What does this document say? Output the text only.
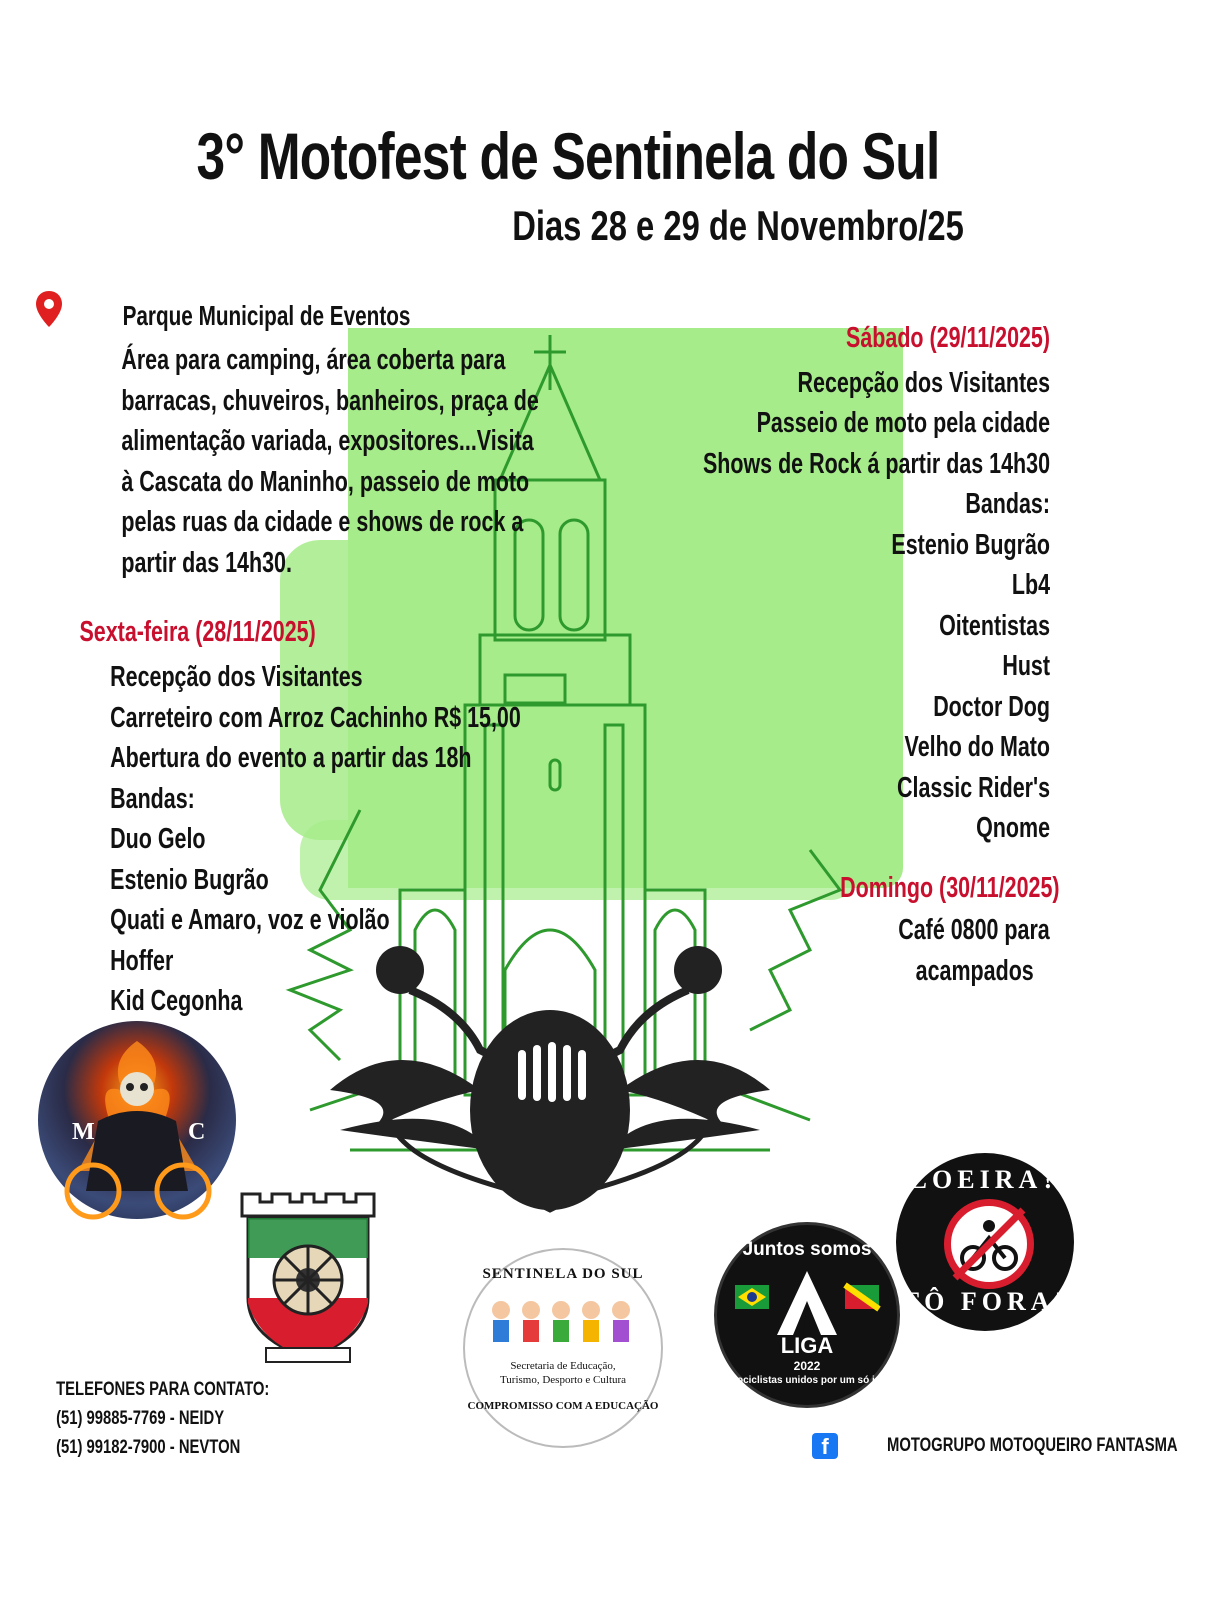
3° Motofest de Sentinela do Sul
Dias 28 e 29 de Novembro/25
Parque Municipal de Eventos
Área para camping, área coberta para
barracas, chuveiros, banheiros, praça de
alimentação variada, expositores...Visita
à Cascata do Maninho, passeio de moto
pelas ruas da cidade e shows de rock a
partir das 14h30.
Sexta-feira (28/11/2025)
Recepção dos Visitantes
Carreteiro com Arroz Cachinho R$ 15,00
Abertura do evento a partir das 18h
Bandas:
Duo Gelo
Estenio Bugrão
Quati e Amaro, voz e violão
Hoffer
Kid Cegonha
Sábado (29/11/2025)
Recepção dos Visitantes
Passeio de moto pela cidade
Shows de Rock á partir das 14h30
Bandas:
Estenio Bugrão
Lb4
Oitentistas
Hust
Doctor Dog
Velho do Mato
Classic Rider's
Qnome
Domingo (30/11/2025)
Café 0800 para
acampados
M	C
SENTINELA DO SUL
Secretaria de Educação,
Turismo, Desporto e Cultura
COMPROMISSO COM A EDUCAÇÃO
Juntos somos
LIGA
2022
Motociclistas unidos por um só ideal
ZOEIRA?
TÔ FORA!
TELEFONES PARA CONTATO:
(51) 99885-7769 - NEIDY
(51) 99182-7900 - NEVTON	f	MOTOGRUPO MOTOQUEIRO FANTASMA
